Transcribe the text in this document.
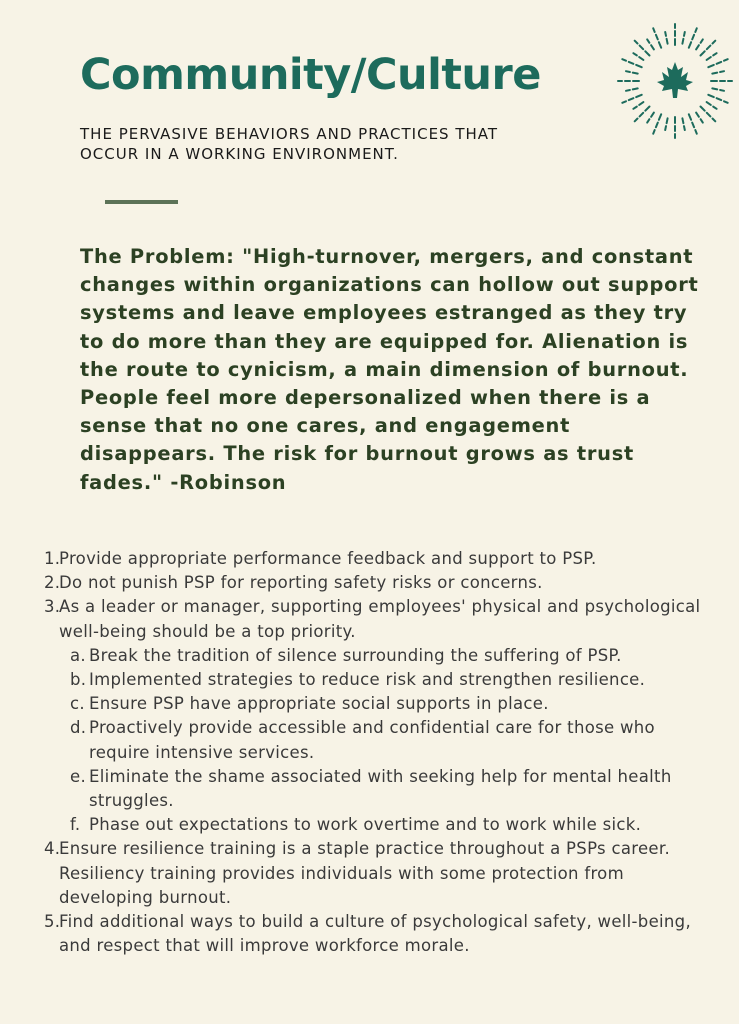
Community/Culture

THE PERVASIVE BEHAVIORS AND PRACTICES THAT OCCUR IN A WORKING ENVIRONMENT.

The Problem: "High-turnover, mergers, and constant changes within organizations can hollow out support systems and leave employees estranged as they try to do more than they are equipped for. Alienation is the route to cynicism, a main dimension of burnout. People feel more depersonalized when there is a sense that no one cares, and engagement disappears. The risk for burnout grows as trust fades." -Robinson

1.
Provide appropriate performance feedback and support to PSP.
2.
Do not punish PSP for reporting safety risks or concerns.
3.
As a leader or manager, supporting employees' physical and psychological well-being should be a top priority.
a. Break the tradition of silence surrounding the suffering of PSP.
b. Implemented strategies to reduce risk and strengthen resilience.
c. Ensure PSP have appropriate social supports in place.
d. Proactively provide accessible and confidential care for those who require intensive services.
e. Eliminate the shame associated with seeking help for mental health struggles.
f. Phase out expectations to work overtime and to work while sick.
4.
Ensure resilience training is a staple practice throughout a PSPs career. Resiliency training provides individuals with some protection from developing burnout.
5.
Find additional ways to build a culture of psychological safety, well-being, and respect that will improve workforce morale.
